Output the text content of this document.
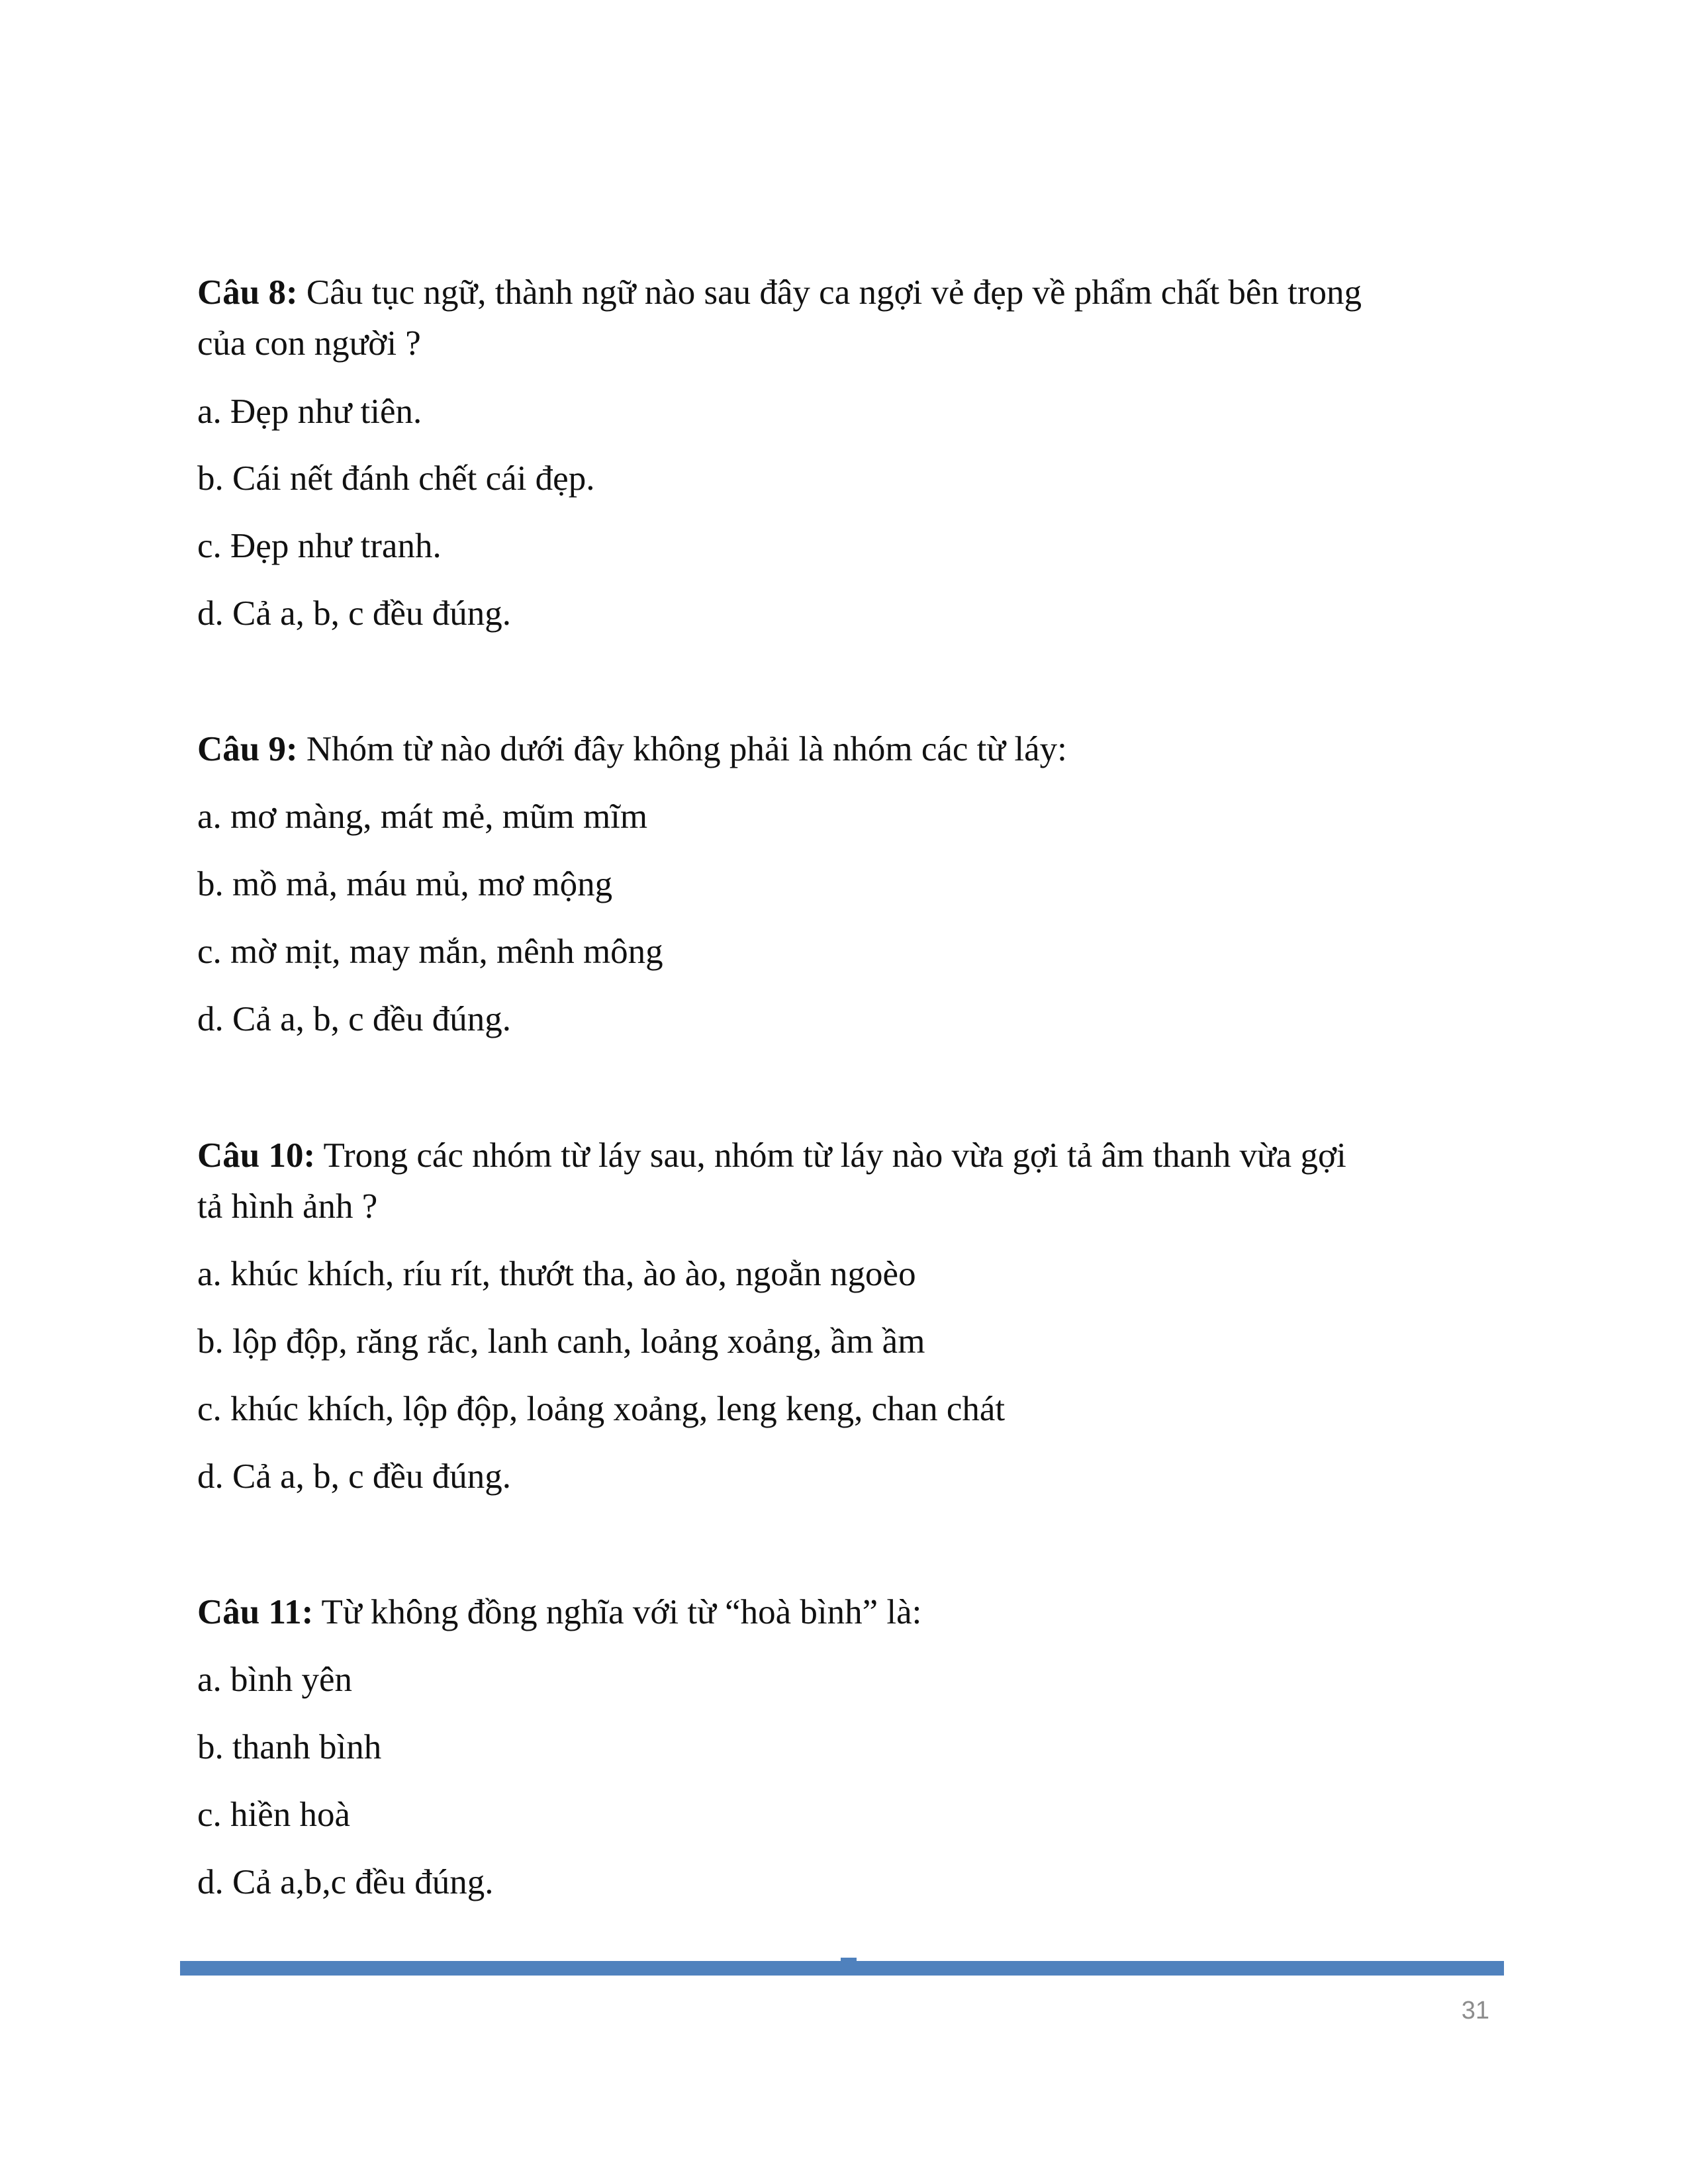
Câu 8: Câu tục ngữ, thành ngữ nào sau đây ca ngợi vẻ đẹp về phẩm chất bên trong
của con người ?
a. Đẹp như tiên.
b. Cái nết đánh chết cái đẹp.
c. Đẹp như tranh.
d. Cả a, b, c đều đúng.
Câu 9: Nhóm từ nào dưới đây không phải là nhóm các từ láy:
a. mơ màng, mát mẻ, mũm mĩm
b. mồ mả, máu mủ, mơ mộng
c. mờ mịt, may mắn, mênh mông
d. Cả a, b, c đều đúng.
Câu 10: Trong các nhóm từ láy sau, nhóm từ láy nào vừa gợi tả âm thanh vừa gợi
tả hình ảnh ?
a. khúc khích, ríu rít, thướt tha, ào ào, ngoằn ngoèo
b. lộp độp, răng rắc, lanh canh, loảng xoảng, ầm ầm
c. khúc khích, lộp độp, loảng xoảng, leng keng, chan chát
d. Cả a, b, c đều đúng.
Câu 11: Từ không đồng nghĩa với từ “hoà bình” là:
a. bình yên
b. thanh bình
c. hiền hoà
d. Cả a,b,c đều đúng.
31
